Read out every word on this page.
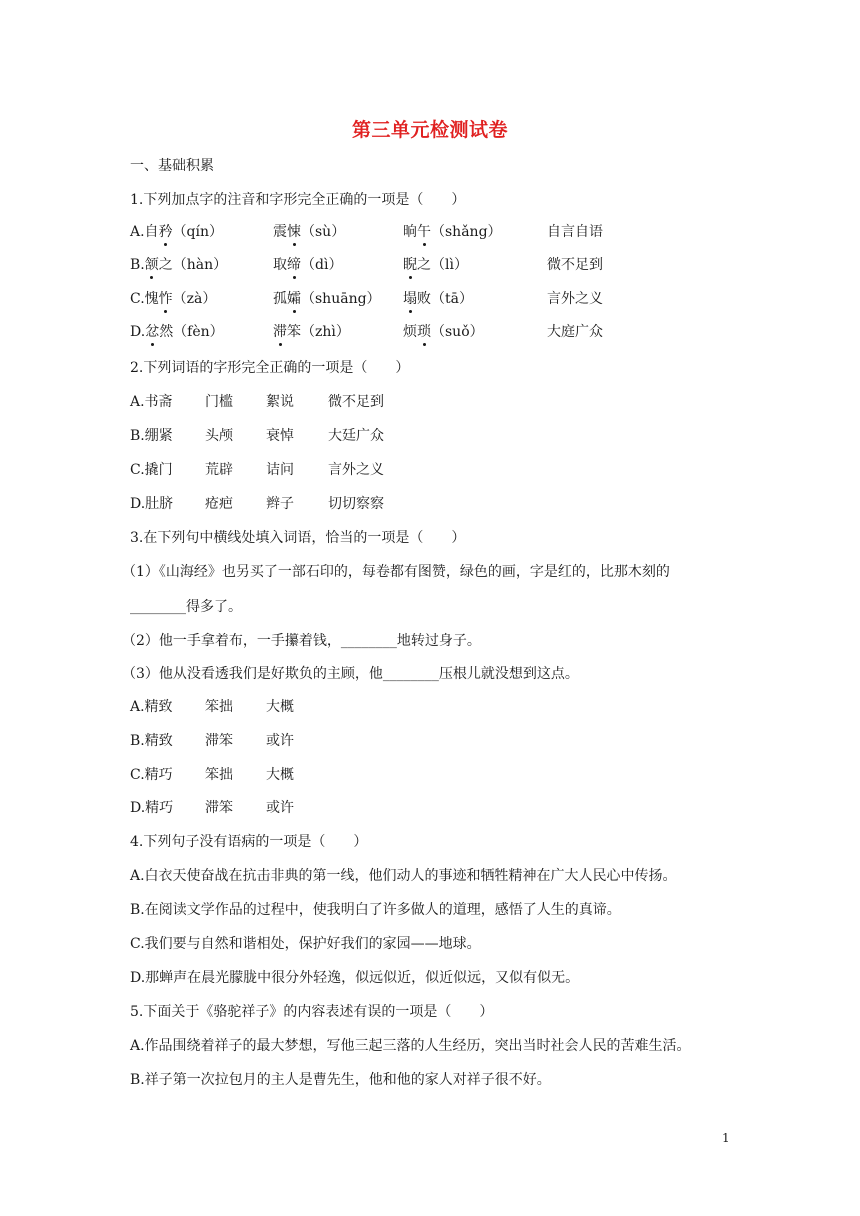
第三单元检测试卷
一、基础积累
1.下列加点字的注音和字形完全正确的一项是（　　）
A.自矜（qín）	震悚（sù）	晌午（shǎng）	自言自语
B.颔之（hàn）	取缔（dì）	睨之（lì）	微不足到
C.愧怍（zà）	孤孀（shuāng） 塌败（tā）	言外之义
D.忿然（fèn）	滞笨（zhì）	烦琐（suǒ）	大庭广众
2.下列词语的字形完全正确的一项是（　　）
A.书斋 门槛 絮说 微不足到
B.绷紧 头颅 衰悼 大廷广众
C.撬门 荒辟 诘问 言外之义
D.肚脐 疮疤 辫子 切切察察
3.在下列句中横线处填入词语，恰当的一项是（　　）
（1）《山海经》也另买了一部石印的，每卷都有图赞，绿色的画，字是红的，比那木刻的
________得多了。
（2）他一手拿着布，一手攥着钱，________地转过身子。
（3）他从没看透我们是好欺负的主顾，他________压根儿就没想到这点。
A.精致 笨拙 大概
B.精致 滞笨 或许
C.精巧 笨拙 大概
D.精巧 滞笨 或许
4.下列句子没有语病的一项是（　　）
A.白衣天使奋战在抗击非典的第一线，他们动人的事迹和牺牲精神在广大人民心中传扬。
B.在阅读文学作品的过程中，使我明白了许多做人的道理，感悟了人生的真谛。
C.我们要与自然和谐相处，保护好我们的家园——地球。
D.那蝉声在晨光朦胧中很分外轻逸，似远似近，似近似远，又似有似无。
5.下面关于《骆驼祥子》的内容表述有误的一项是（　　）
A.作品围绕着祥子的最大梦想，写他三起三落的人生经历，突出当时社会人民的苦难生活。
B.祥子第一次拉包月的主人是曹先生，他和他的家人对祥子很不好。
1
